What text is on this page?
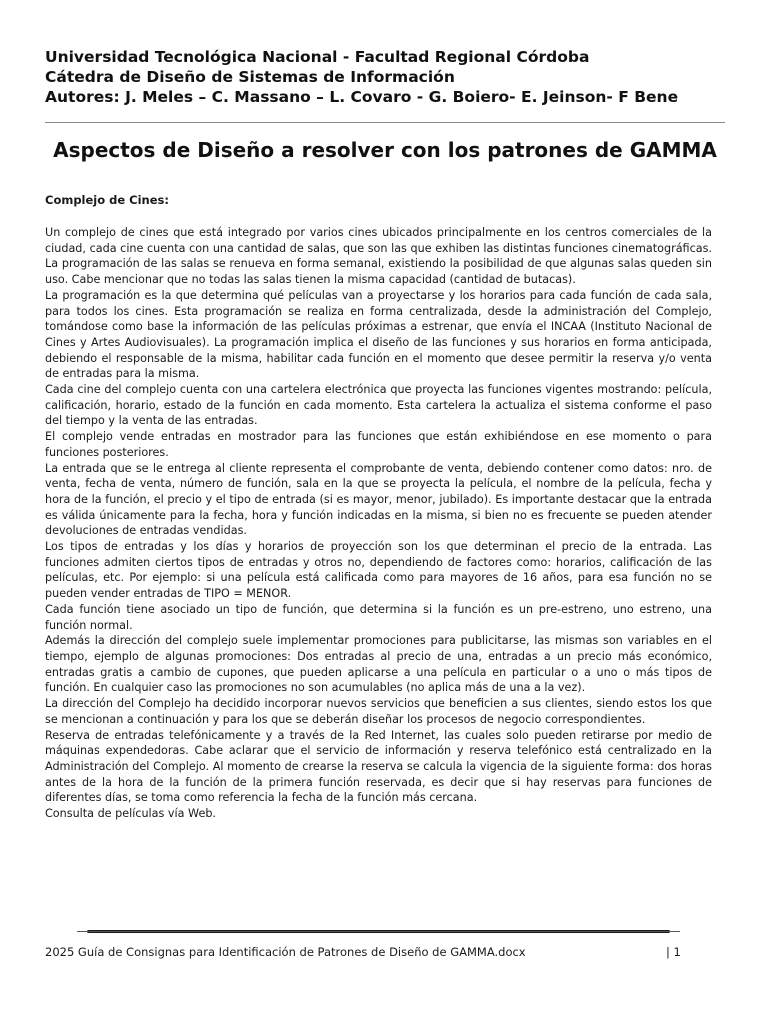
Universidad Tecnológica Nacional - Facultad Regional Córdoba
Cátedra de Diseño de Sistemas de Información
Autores: J. Meles – C. Massano – L. Covaro - G. Boiero- E. Jeinson- F Bene
Aspectos de Diseño a resolver con los patrones de GAMMA
Complejo de Cines:

Un complejo de cines que está integrado por varios cines ubicados principalmente en los centros comerciales de la ciudad, cada cine cuenta con una cantidad de salas, que son las que exhiben las distintas funciones cinematográficas. La programación de las salas se renueva en forma semanal, existiendo la posibilidad de que algunas salas queden sin uso. Cabe mencionar que no todas las salas tienen la misma capacidad (cantidad de butacas).

La programación es la que determina qué películas van a proyectarse y los horarios para cada función de cada sala, para todos los cines. Esta programación se realiza en forma centralizada, desde la administración del Complejo, tomándose como base la información de las películas próximas a estrenar, que envía el INCAA (Instituto Nacional de Cines y Artes Audiovisuales). La programación implica el diseño de las funciones y sus horarios en forma anticipada, debiendo el responsable de la misma, habilitar cada función en el momento que desee permitir la reserva y/o venta de entradas para la misma.

Cada cine del complejo cuenta con una cartelera electrónica que proyecta las funciones vigentes mostrando: película, calificación, horario, estado de la función en cada momento. Esta cartelera la actualiza el sistema conforme el paso del tiempo y la venta de las entradas.

El complejo vende entradas en mostrador para las funciones que están exhibiéndose en ese momento o para funciones posteriores.

La entrada que se le entrega al cliente representa el comprobante de venta, debiendo contener como datos: nro. de venta, fecha de venta, número de función, sala en la que se proyecta la película, el nombre de la película, fecha y hora de la función, el precio y el tipo de entrada (si es mayor, menor, jubilado). Es importante destacar que la entrada es válida únicamente para la fecha, hora y función indicadas en la misma, si bien no es frecuente se pueden atender devoluciones de entradas vendidas.

Los tipos de entradas y los días y horarios de proyección son los que determinan el precio de la entrada. Las funciones admiten ciertos tipos de entradas y otros no, dependiendo de factores como: horarios, calificación de las películas, etc. Por ejemplo: si una película está calificada como para mayores de 16 años, para esa función no se pueden vender entradas de TIPO = MENOR.

Cada función tiene asociado un tipo de función, que determina si la función es un pre-estreno, uno estreno, una función normal.

Además la dirección del complejo suele implementar promociones para publicitarse, las mismas son variables en el tiempo, ejemplo de algunas promociones: Dos entradas al precio de una, entradas a un precio más económico, entradas gratis a cambio de cupones, que pueden aplicarse a una película en particular o a uno o más tipos de función. En cualquier caso las promociones no son acumulables (no aplica más de una a la vez).

La dirección del Complejo ha decidido incorporar nuevos servicios que beneficien a sus clientes, siendo estos los que se mencionan a continuación y para los que se deberán diseñar los procesos de negocio correspondientes.

Reserva de entradas telefónicamente y a través de la Red Internet, las cuales solo pueden retirarse por medio de máquinas expendedoras. Cabe aclarar que el servicio de información y reserva telefónico está centralizado en la Administración del Complejo. Al momento de crearse la reserva se calcula la vigencia de la siguiente forma: dos horas antes de la hora de la función de la primera función reservada, es decir que si hay reservas para funciones de diferentes días, se toma como referencia la fecha de la función más cercana.

Consulta de películas vía Web.

2025 Guía de Consignas para Identificación de Patrones de Diseño de GAMMA.docx	| 1
